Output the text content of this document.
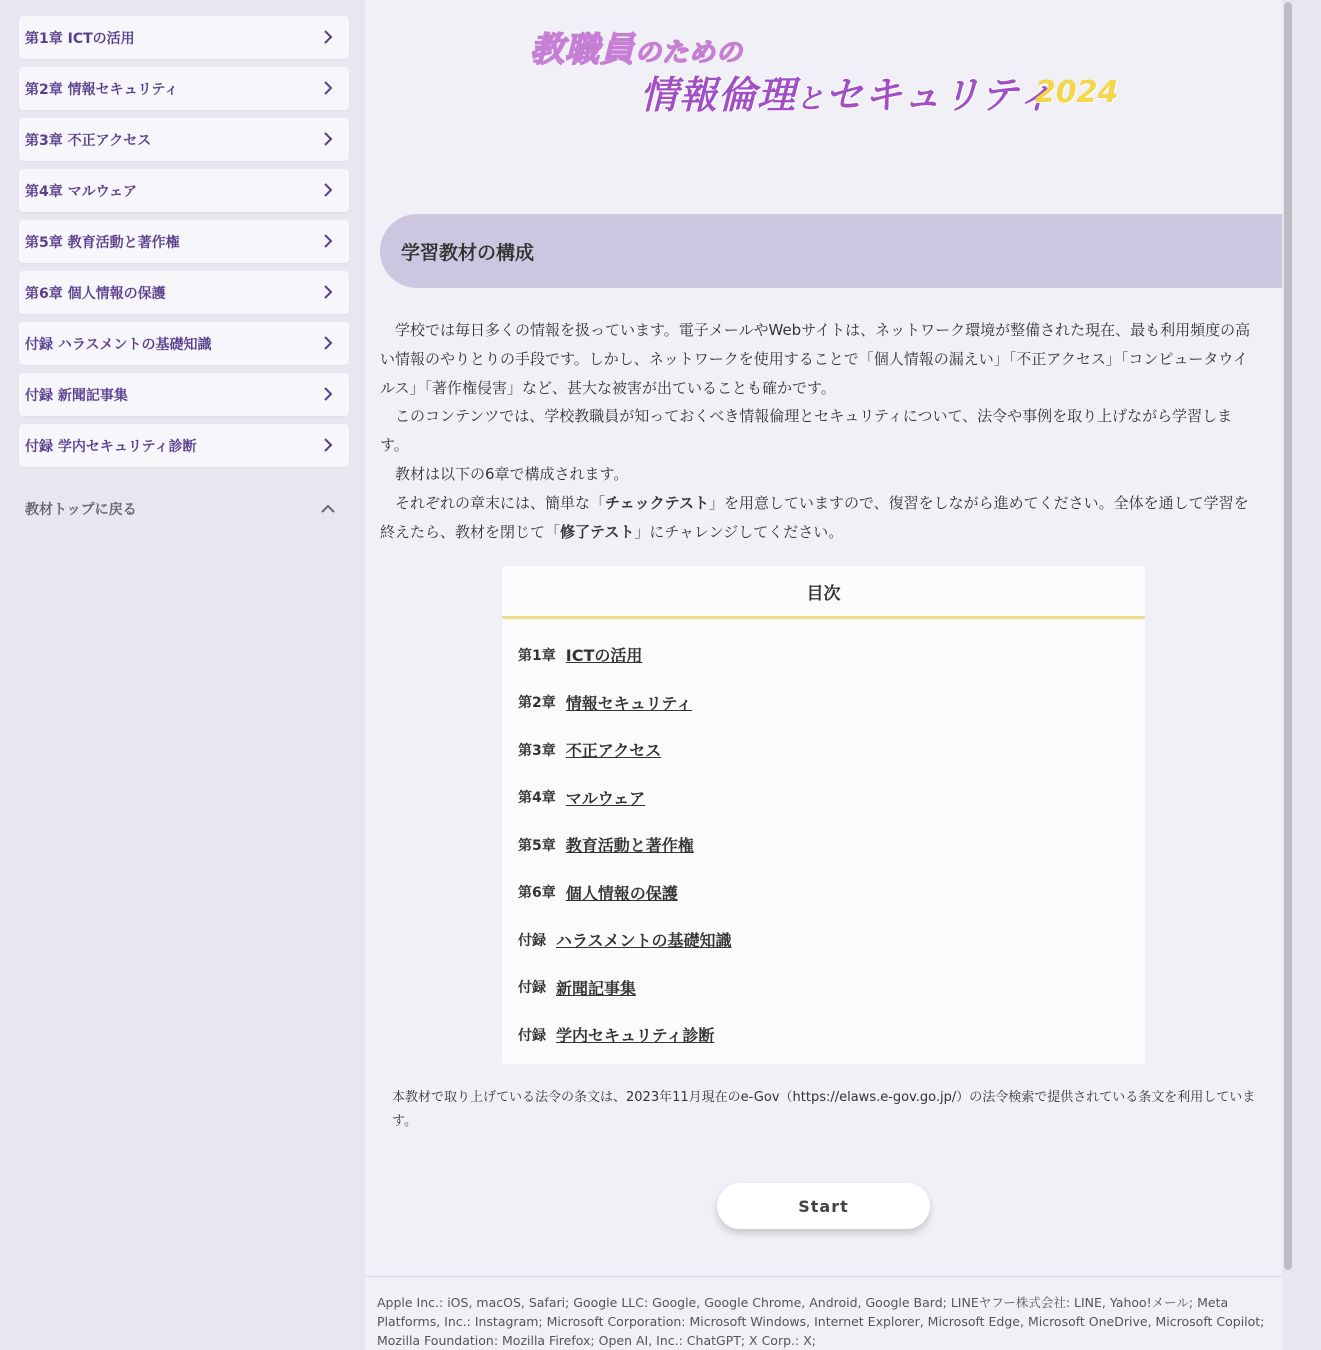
第1章 ICTの活用
第2章 情報セキュリティ
第3章 不正アクセス
第4章 マルウェア
第5章 教育活動と著作権
第6章 個人情報の保護
付録 ハラスメントの基礎知識
付録 新聞記事集
付録 学内セキュリティ診断
教材トップに戻る
教職員のための
情報倫理とセキュリティ
2024
学習教材の構成

学校では毎日多くの情報を扱っています。電子メールやWebサイトは、ネットワーク環境が整備された現在、最も利用頻度の高い情報のやりとりの手段です。しかし、ネットワークを使用することで「個人情報の漏えい」「不正アクセス」「コンピュータウイルス」「著作権侵害」など、甚大な被害が出ていることも確かです。

このコンテンツでは、学校教職員が知っておくべき情報倫理とセキュリティについて、法令や事例を取り上げながら学習します。

教材は以下の6章で構成されます。

それぞれの章末には、簡単な「チェックテスト」を用意していますので、復習をしながら進めてください。全体を通して学習を終えたら、教材を閉じて「修了テスト」にチャレンジしてください。

目次
第1章 ICTの活用
第2章 情報セキュリティ
第3章 不正アクセス
第4章 マルウェア
第5章 教育活動と著作権
第6章 個人情報の保護
付録 ハラスメントの基礎知識
付録 新聞記事集
付録 学内セキュリティ診断

本教材で取り上げている法令の条文は、2023年11月現在のe-Gov（https://elaws.e-gov.go.jp/）の法令検索で提供されている条文を利用しています。

Start
Apple Inc.: iOS, macOS, Safari; Google LLC: Google, Google Chrome, Android, Google Bard; LINEヤフー株式会社: LINE, Yahoo!メール; Meta Platforms, Inc.: Instagram; Microsoft Corporation: Microsoft Windows, Internet Explorer, Microsoft Edge, Microsoft OneDrive, Microsoft Copilot; Mozilla Foundation: Mozilla Firefox; Open AI, Inc.: ChatGPT; X Corp.: X;
